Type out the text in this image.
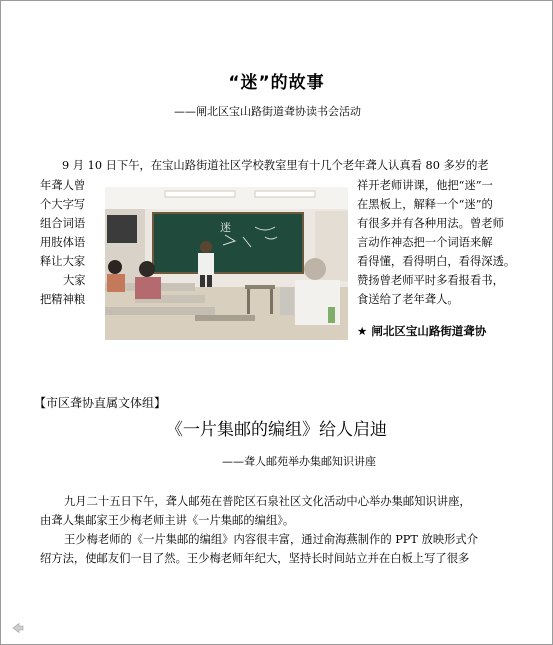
“迷”的故事
——闸北区宝山路街道聋协读书会活动
9 月 10 日下午，在宝山路街道社区学校教室里有十几个老年聋人认真看 80 多岁的老
年聋人曾
个大字写
组合词语
用肢体语
释让大家
大家
把精神粮
祥开老师讲课，他把“迷”一
在黑板上，解释一个“迷”的
有很多并有各种用法。曾老师
言动作神态把一个词语来解
看得懂，看得明白，看得深透。
赞扬曾老师平时多看报看书，
食送给了老年聋人。
迷
★ 闸北区宝山路街道聋协
【市区聋协直属文体组】
《一片集邮的编组》给人启迪
——聋人邮苑举办集邮知识讲座
九月二十五日下午，聋人邮苑在普陀区石泉社区文化活动中心举办集邮知识讲座，
由聋人集邮家王少梅老师主讲《一片集邮的编组》。
王少梅老师的《一片集邮的编组》内容很丰富，通过俞海燕制作的 PPT 放映形式介
绍方法，使邮友们一目了然。王少梅老师年纪大，坚持长时间站立并在白板上写了很多
